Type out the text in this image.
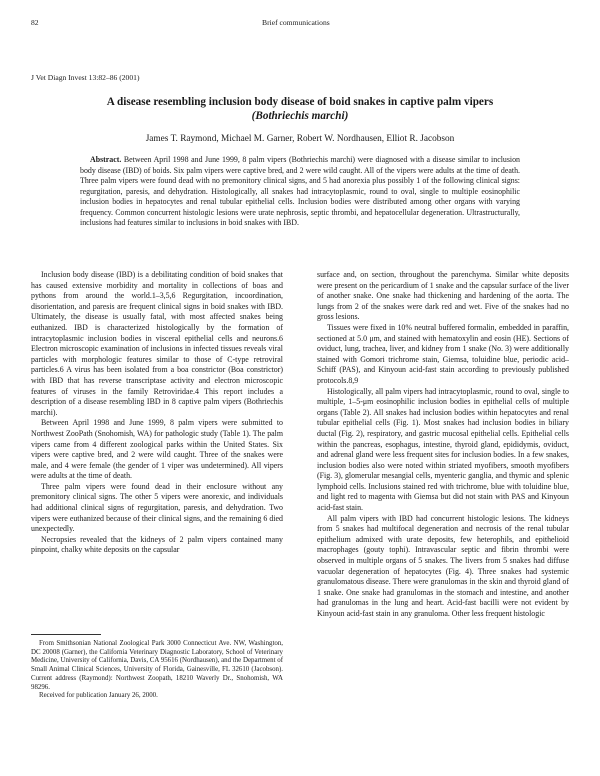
82	Brief communications
J Vet Diagn Invest 13:82–86 (2001)
A disease resembling inclusion body disease of boid snakes in captive palm vipers
(Bothriechis marchi)
James T. Raymond, Michael M. Garner, Robert W. Nordhausen, Elliot R. Jacobson
Abstract. Between April 1998 and June 1999, 8 palm vipers (Bothriechis marchi) were diagnosed with a disease similar to inclusion body disease (IBD) of boids. Six palm vipers were captive bred, and 2 were wild caught. All of the vipers were adults at the time of death. Three palm vipers were found dead with no premonitory clinical signs, and 5 had anorexia plus possibly 1 of the following clinical signs: regurgitation, paresis, and dehydration. Histologically, all snakes had intracytoplasmic, round to oval, single to multiple eosinophilic inclusion bodies in hepatocytes and renal tubular epithelial cells. Inclusion bodies were distributed among other organs with varying frequency. Common concurrent histologic lesions were urate nephrosis, septic thrombi, and hepatocellular degeneration. Ultrastructurally, inclusions had features similar to inclusions in boid snakes with IBD.

Inclusion body disease (IBD) is a debilitating condition of boid snakes that has caused extensive morbidity and mortality in collections of boas and pythons from around the world.1–3,5,6 Regurgitation, incoordination, disorientation, and paresis are frequent clinical signs in boid snakes with IBD. Ultimately, the disease is usually fatal, with most affected snakes being euthanized. IBD is characterized histologically by the formation of intracytoplasmic inclusion bodies in visceral epithelial cells and neurons.6 Electron microscopic examination of inclusions in infected tissues reveals viral particles with morphologic features similar to those of C-type retroviral particles.6 A virus has been isolated from a boa constrictor (Boa constrictor) with IBD that has reverse transcriptase activity and electron microscopic features of viruses in the family Retroviridae.4 This report includes a description of a disease resembling IBD in 8 captive palm vipers (Bothriechis marchi).

Between April 1998 and June 1999, 8 palm vipers were submitted to Northwest ZooPath (Snohomish, WA) for pathologic study (Table 1). The palm vipers came from 4 different zoological parks within the United States. Six vipers were captive bred, and 2 were wild caught. Three of the snakes were male, and 4 were female (the gender of 1 viper was undetermined). All vipers were adults at the time of death.

Three palm vipers were found dead in their enclosure without any premonitory clinical signs. The other 5 vipers were anorexic, and individuals had additional clinical signs of regurgitation, paresis, and dehydration. Two vipers were euthanized because of their clinical signs, and the remaining 6 died unexpectedly.

Necropsies revealed that the kidneys of 2 palm vipers contained many pinpoint, chalky white deposits on the capsular

From Smithsonian National Zoological Park 3000 Connecticut Ave. NW, Washington, DC 20008 (Garner), the California Veterinary Diagnostic Laboratory, School of Veterinary Medicine, University of California, Davis, CA 95616 (Nordhausen), and the Department of Small Animal Clinical Sciences, University of Florida, Gainesville, FL 32610 (Jacobson). Current address (Raymond): Northwest Zoopath, 18210 Waverly Dr., Snohomish, WA 98296.

Received for publication January 26, 2000.

surface and, on section, throughout the parenchyma. Similar white deposits were present on the pericardium of 1 snake and the capsular surface of the liver of another snake. One snake had thickening and hardening of the aorta. The lungs from 2 of the snakes were dark red and wet. Five of the snakes had no gross lesions.

Tissues were fixed in 10% neutral buffered formalin, embedded in paraffin, sectioned at 5.0 μm, and stained with hematoxylin and eosin (HE). Sections of oviduct, lung, trachea, liver, and kidney from 1 snake (No. 3) were additionally stained with Gomori trichrome stain, Giemsa, toluidine blue, periodic acid–Schiff (PAS), and Kinyoun acid-fast stain according to previously published protocols.8,9

Histologically, all palm vipers had intracytoplasmic, round to oval, single to multiple, 1–5-μm eosinophilic inclusion bodies in epithelial cells of multiple organs (Table 2). All snakes had inclusion bodies within hepatocytes and renal tubular epithelial cells (Fig. 1). Most snakes had inclusion bodies in biliary ductal (Fig. 2), respiratory, and gastric mucosal epithelial cells. Epithelial cells within the pancreas, esophagus, intestine, thyroid gland, epididymis, oviduct, and adrenal gland were less frequent sites for inclusion bodies. In a few snakes, inclusion bodies also were noted within striated myofibers, smooth myofibers (Fig. 3), glomerular mesangial cells, myenteric ganglia, and thymic and splenic lymphoid cells. Inclusions stained red with trichrome, blue with toluidine blue, and light red to magenta with Giemsa but did not stain with PAS and Kinyoun acid-fast stain.

All palm vipers with IBD had concurrent histologic lesions. The kidneys from 5 snakes had multifocal degeneration and necrosis of the renal tubular epithelium admixed with urate deposits, few heterophils, and epithelioid macrophages (gouty tophi). Intravascular septic and fibrin thrombi were observed in multiple organs of 5 snakes. The livers from 5 snakes had diffuse vacuolar degeneration of hepatocytes (Fig. 4). Three snakes had systemic granulomatous disease. There were granulomas in the skin and thyroid gland of 1 snake. One snake had granulomas in the stomach and intestine, and another had granulomas in the lung and heart. Acid-fast bacilli were not evident by Kinyoun acid-fast stain in any granuloma. Other less frequent histologic
